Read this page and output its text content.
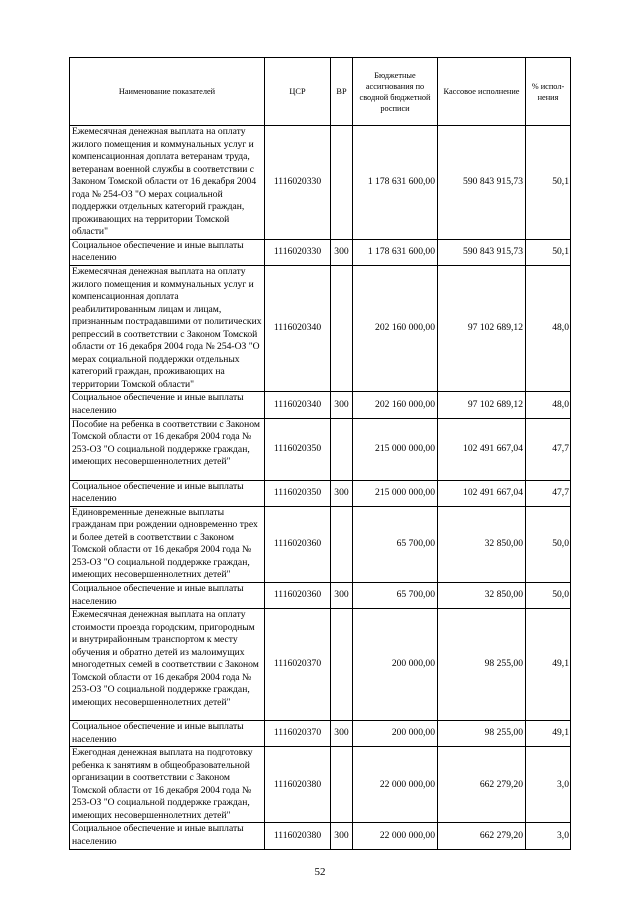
Наименование показателей	ЦСР	ВР	Бюджетные ассигнования по сводной бюджетной росписи	Кассовое исполнение	% испол-нения
Ежемесячная денежная выплата на оплату жилого помещения и коммунальных услуг и компенсационная доплата ветеранам труда, ветеранам военной службы в соответствии с Законом Томской области от 16 декабря 2004 года № 254-ОЗ "О мерах социальной поддержки отдельных категорий граждан, проживающих на территории Томской области"	1116020330		1 178 631 600,00	590 843 915,73	50,1
Социальное обеспечение и иные выплаты населению	1116020330	300	1 178 631 600,00	590 843 915,73	50,1
Ежемесячная денежная выплата на оплату жилого помещения и коммунальных услуг и компенсационная доплата реабилитированным лицам и лицам, признанным пострадавшими от политических репрессий в соответствии с Законом Томской области от 16 декабря 2004 года № 254-ОЗ "О мерах социальной поддержки отдельных категорий граждан, проживающих на территории Томской области"	1116020340		202 160 000,00	97 102 689,12	48,0
Социальное обеспечение и иные выплаты населению	1116020340	300	202 160 000,00	97 102 689,12	48,0
Пособие на ребенка в соответствии с Законом Томской области от 16 декабря 2004 года № 253-ОЗ "О социальной поддержке граждан, имеющих несовершеннолетних детей"	1116020350		215 000 000,00	102 491 667,04	47,7
Социальное обеспечение и иные выплаты населению	1116020350	300	215 000 000,00	102 491 667,04	47,7
Единовременные денежные выплаты гражданам при рождении одновременно трех и более детей в соответствии с Законом Томской области от 16 декабря 2004 года № 253-ОЗ "О социальной поддержке граждан, имеющих несовершеннолетних детей"	1116020360		65 700,00	32 850,00	50,0
Социальное обеспечение и иные выплаты населению	1116020360	300	65 700,00	32 850,00	50,0
Ежемесячная денежная выплата на оплату стоимости проезда городским, пригородным и внутрирайонным транспортом к месту обучения и обратно детей из малоимущих многодетных семей в соответствии с Законом Томской области от 16 декабря 2004 года № 253-ОЗ "О социальной поддержке граждан, имеющих несовершеннолетних детей"	1116020370		200 000,00	98 255,00	49,1
Социальное обеспечение и иные выплаты населению	1116020370	300	200 000,00	98 255,00	49,1
Ежегодная денежная выплата на подготовку ребенка к занятиям в общеобразовательной организации в соответствии с Законом Томской области от 16 декабря 2004 года № 253-ОЗ "О социальной поддержке граждан, имеющих несовершеннолетних детей"	1116020380		22 000 000,00	662 279,20	3,0
Социальное обеспечение и иные выплаты населению	1116020380	300	22 000 000,00	662 279,20	3,0
52
